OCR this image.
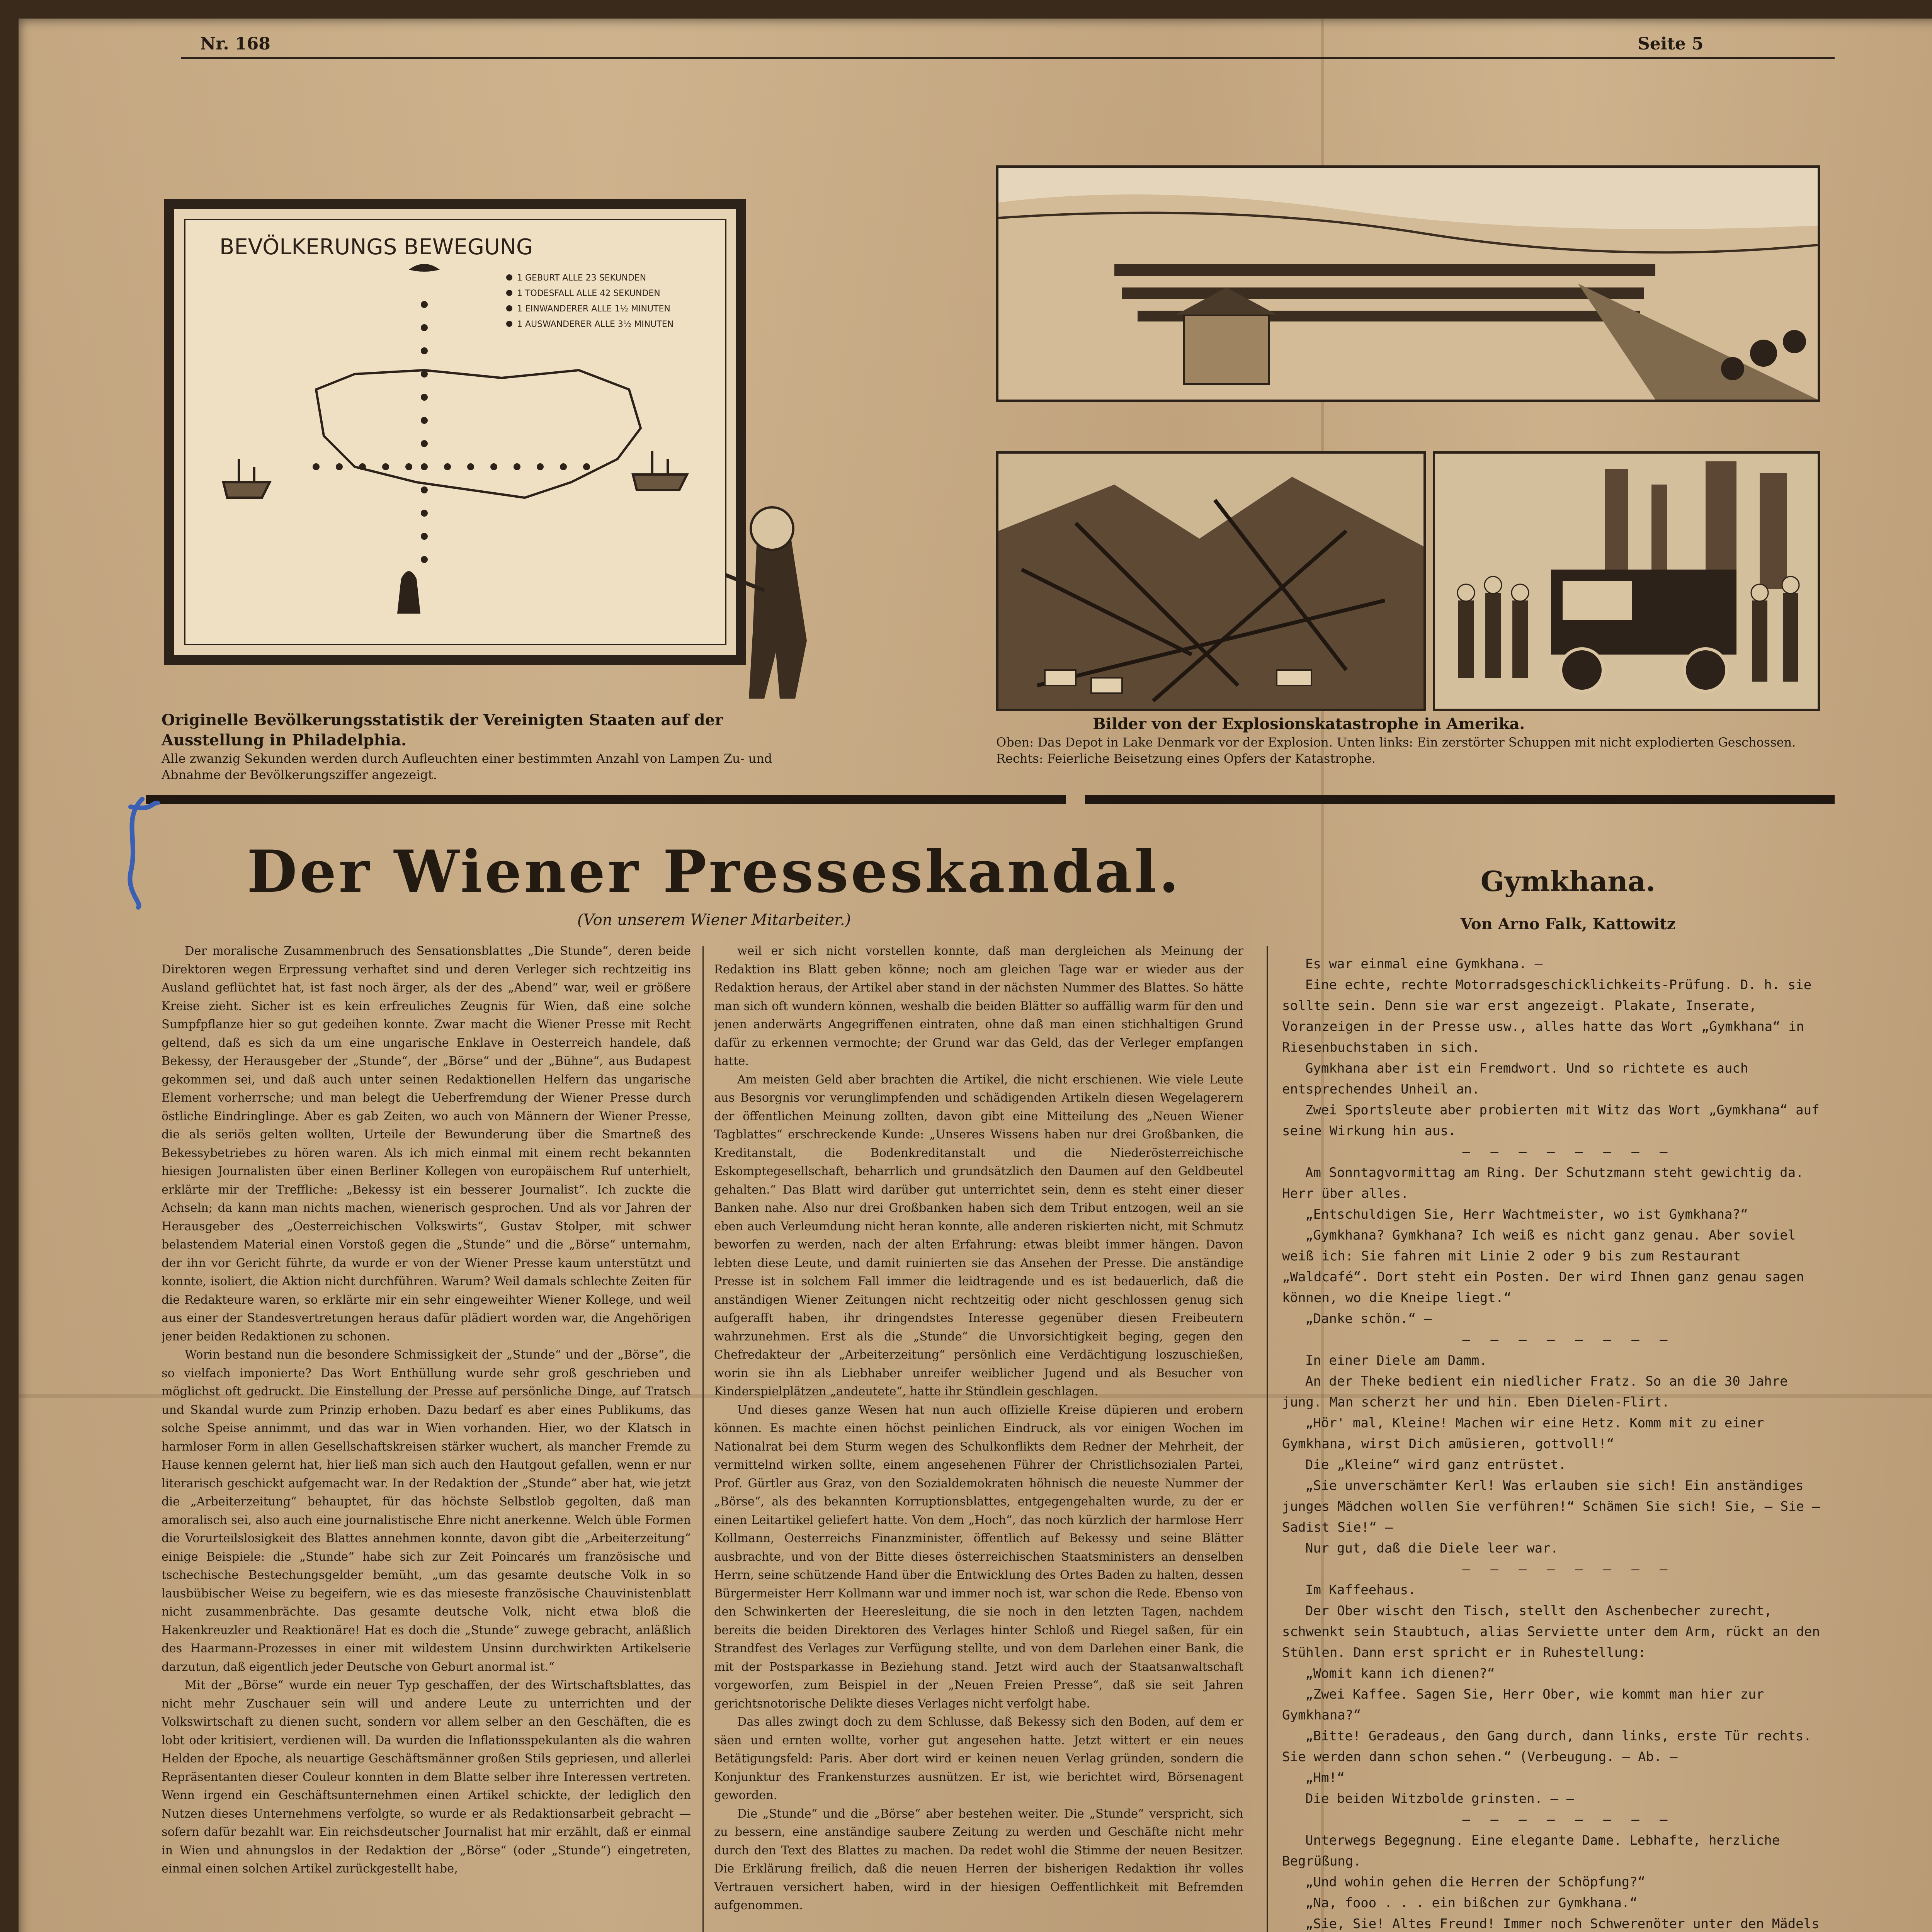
Nr. 168	Seite 5
BEVÖLKERUNGS BEWEGUNG
1 GEBURT ALLE 23 SEKUNDEN
1 TODESFALL ALLE 42 SEKUNDEN
1 EINWANDERER ALLE 1½ MINUTEN
1 AUSWANDERER ALLE 3½ MINUTEN
Originelle Bevölkerungsstatistik der Vereinigten Staaten auf der Ausstellung in Philadelphia.
Alle zwanzig Sekunden werden durch Aufleuchten einer bestimmten Anzahl von Lampen Zu- und Abnahme der Bevölkerungsziffer angezeigt.
Bilder von der Explosionskatastrophe in Amerika.
Oben: Das Depot in Lake Denmark vor der Explosion. Unten links: Ein zerstörter Schuppen mit nicht explodierten Geschossen. Rechts: Feierliche Beisetzung eines Opfers der Katastrophe.
Der Wiener Presseskandal.
(Von unserem Wiener Mitarbeiter.)

Der moralische Zusammenbruch des Sensationsblattes „Die Stunde“, deren beide Direktoren wegen Erpressung verhaftet sind und deren Verleger sich rechtzeitig ins Ausland geflüchtet hat, ist fast noch ärger, als der des „Abend“ war, weil er größere Kreise zieht. Sicher ist es kein erfreuliches Zeugnis für Wien, daß eine solche Sumpfpflanze hier so gut gedeihen konnte. Zwar macht die Wiener Presse mit Recht geltend, daß es sich da um eine ungarische Enklave in Oesterreich handele, daß Bekessy, der Herausgeber der „Stunde“, der „Börse“ und der „Bühne“, aus Budapest gekommen sei, und daß auch unter seinen Redaktionellen Helfern das ungarische Element vorherrsche; und man belegt die Ueberfremdung der Wiener Presse durch östliche Eindringlinge. Aber es gab Zeiten, wo auch von Männern der Wiener Presse, die als seriös gelten wollten, Urteile der Bewunderung über die Smartneß des Bekessybetriebes zu hören waren. Als ich mich einmal mit einem recht bekannten hiesigen Journalisten über einen Berliner Kollegen von europäischem Ruf unterhielt, erklärte mir der Treffliche: „Bekessy ist ein besserer Journalist“. Ich zuckte die Achseln; da kann man nichts machen, wienerisch gesprochen. Und als vor Jahren der Herausgeber des „Oesterreichischen Volkswirts“, Gustav Stolper, mit schwer belastendem Material einen Vorstoß gegen die „Stunde“ und die „Börse“ unternahm, der ihn vor Gericht führte, da wurde er von der Wiener Presse kaum unterstützt und konnte, isoliert, die Aktion nicht durchführen. Warum? Weil damals schlechte Zeiten für die Redakteure waren, so erklärte mir ein sehr eingeweihter Wiener Kollege, und weil aus einer der Standesvertretungen heraus dafür plädiert worden war, die Angehörigen jener beiden Redaktionen zu schonen.

Worin bestand nun die besondere Schmissigkeit der „Stunde“ und der „Börse“, die so vielfach imponierte? Das Wort Enthüllung wurde sehr groß geschrieben und möglichst oft gedruckt. Die Einstellung der Presse auf persönliche Dinge, auf Tratsch und Skandal wurde zum Prinzip erhoben. Dazu bedarf es aber eines Publikums, das solche Speise annimmt, und das war in Wien vorhanden. Hier, wo der Klatsch in harmloser Form in allen Gesellschaftskreisen stärker wuchert, als mancher Fremde zu Hause kennen gelernt hat, hier ließ man sich auch den Hautgout gefallen, wenn er nur literarisch geschickt aufgemacht war. In der Redaktion der „Stunde“ aber hat, wie jetzt die „Arbeiterzeitung“ behauptet, für das höchste Selbstlob gegolten, daß man amoralisch sei, also auch eine journalistische Ehre nicht anerkenne. Welch üble Formen die Vorurteilslosigkeit des Blattes annehmen konnte, davon gibt die „Arbeiterzeitung“ einige Beispiele: die „Stunde“ habe sich zur Zeit Poincarés um französische und tschechische Bestechungsgelder bemüht, „um das gesamte deutsche Volk in so lausbübischer Weise zu begeifern, wie es das mieseste französische Chauvinistenblatt nicht zusammenbrächte. Das gesamte deutsche Volk, nicht etwa bloß die Hakenkreuzler und Reaktionäre! Hat es doch die „Stunde“ zuwege gebracht, anläßlich des Haarmann-Prozesses in einer mit wildestem Unsinn durchwirkten Artikelserie darzutun, daß eigentlich jeder Deutsche von Geburt anormal ist.“

Mit der „Börse“ wurde ein neuer Typ geschaffen, der des Wirtschaftsblattes, das nicht mehr Zuschauer sein will und andere Leute zu unterrichten und der Volkswirtschaft zu dienen sucht, sondern vor allem selber an den Geschäften, die es lobt oder kritisiert, verdienen will. Da wurden die Inflationsspekulanten als die wahren Helden der Epoche, als neuartige Geschäftsmänner großen Stils gepriesen, und allerlei Repräsentanten dieser Couleur konnten in dem Blatte selber ihre Interessen vertreten. Wenn irgend ein Geschäftsunternehmen einen Artikel schickte, der lediglich den Nutzen dieses Unternehmens verfolgte, so wurde er als Redaktionsarbeit gebracht — sofern dafür bezahlt war. Ein reichsdeutscher Journalist hat mir erzählt, daß er einmal in Wien und ahnungslos in der Redaktion der „Börse“ (oder „Stunde“) eingetreten, einmal einen solchen Artikel zurückgestellt habe,

weil er sich nicht vorstellen konnte, daß man dergleichen als Meinung der Redaktion ins Blatt geben könne; noch am gleichen Tage war er wieder aus der Redaktion heraus, der Artikel aber stand in der nächsten Nummer des Blattes. So hätte man sich oft wundern können, weshalb die beiden Blätter so auffällig warm für den und jenen anderwärts Angegriffenen eintraten, ohne daß man einen stichhaltigen Grund dafür zu erkennen vermochte; der Grund war das Geld, das der Verleger empfangen hatte.

Am meisten Geld aber brachten die Artikel, die nicht erschienen. Wie viele Leute aus Besorgnis vor verunglimpfenden und schädigenden Artikeln diesen Wegelagerern der öffentlichen Meinung zollten, davon gibt eine Mitteilung des „Neuen Wiener Tagblattes“ erschreckende Kunde: „Unseres Wissens haben nur drei Großbanken, die Kreditanstalt, die Bodenkreditanstalt und die Niederösterreichische Eskomptegesellschaft, beharrlich und grundsätzlich den Daumen auf den Geldbeutel gehalten.“ Das Blatt wird darüber gut unterrichtet sein, denn es steht einer dieser Banken nahe. Also nur drei Großbanken haben sich dem Tribut entzogen, weil an sie eben auch Verleumdung nicht heran konnte, alle anderen riskierten nicht, mit Schmutz beworfen zu werden, nach der alten Erfahrung: etwas bleibt immer hängen. Davon lebten diese Leute, und damit ruinierten sie das Ansehen der Presse. Die anständige Presse ist in solchem Fall immer die leidtragende und es ist bedauerlich, daß die anständigen Wiener Zeitungen nicht rechtzeitig oder nicht geschlossen genug sich aufgerafft haben, ihr dringendstes Interesse gegenüber diesen Freibeutern wahrzunehmen. Erst als die „Stunde“ die Unvorsichtigkeit beging, gegen den Chefredakteur der „Arbeiterzeitung“ persönlich eine Verdächtigung loszuschießen, worin sie ihn als Liebhaber unreifer weiblicher Jugend und als Besucher von Kinderspielplätzen „andeutete“, hatte ihr Stündlein geschlagen.

Und dieses ganze Wesen hat nun auch offizielle Kreise düpieren und erobern können. Es machte einen höchst peinlichen Eindruck, als vor einigen Wochen im Nationalrat bei dem Sturm wegen des Schulkonflikts dem Redner der Mehrheit, der vermittelnd wirken sollte, einem angesehenen Führer der Christlichsozialen Partei, Prof. Gürtler aus Graz, von den Sozialdemokraten höhnisch die neueste Nummer der „Börse“, als des bekannten Korruptionsblattes, entgegengehalten wurde, zu der er einen Leitartikel geliefert hatte. Von dem „Hoch“, das noch kürzlich der harmlose Herr Kollmann, Oesterreichs Finanzminister, öffentlich auf Bekessy und seine Blätter ausbrachte, und von der Bitte dieses österreichischen Staatsministers an denselben Herrn, seine schützende Hand über die Entwicklung des Ortes Baden zu halten, dessen Bürgermeister Herr Kollmann war und immer noch ist, war schon die Rede. Ebenso von den Schwinkerten der Heeresleitung, die sie noch in den letzten Tagen, nachdem bereits die beiden Direktoren des Verlages hinter Schloß und Riegel saßen, für ein Strandfest des Verlages zur Verfügung stellte, und von dem Darlehen einer Bank, die mit der Postsparkasse in Beziehung stand. Jetzt wird auch der Staatsanwaltschaft vorgeworfen, zum Beispiel in der „Neuen Freien Presse“, daß sie seit Jahren gerichtsnotorische Delikte dieses Verlages nicht verfolgt habe.

Das alles zwingt doch zu dem Schlusse, daß Bekessy sich den Boden, auf dem er säen und ernten wollte, vorher gut angesehen hatte. Jetzt wittert er ein neues Betätigungsfeld: Paris. Aber dort wird er keinen neuen Verlag gründen, sondern die Konjunktur des Frankensturzes ausnützen. Er ist, wie berichtet wird, Börsenagent geworden.

Die „Stunde“ und die „Börse“ aber bestehen weiter. Die „Stunde“ verspricht, sich zu bessern, eine anständige saubere Zeitung zu werden und Geschäfte nicht mehr durch den Text des Blattes zu machen. Da redet wohl die Stimme der neuen Besitzer. Die Erklärung freilich, daß die neuen Herren der bisherigen Redaktion ihr volles Vertrauen versichert haben, wird in der hiesigen Oeffentlichkeit mit Befremden aufgenommen.

Gymkhana.
Von Arno Falk, Kattowitz

Es war einmal eine Gymkhana. —

Eine echte, rechte Motorradsgeschicklichkeits-Prüfung. D. h. sie sollte sein. Denn sie war erst angezeigt. Plakate, Inserate, Voranzeigen in der Presse usw., alles hatte das Wort „Gymkhana“ in Riesenbuchstaben in sich.

Gymkhana aber ist ein Fremdwort. Und so richtete es auch entsprechendes Unheil an.

Zwei Sportsleute aber probierten mit Witz das Wort „Gymkhana“ auf seine Wirkung hin aus.

— — — — — — — —

Am Sonntagvormittag am Ring. Der Schutzmann steht gewichtig da. Herr über alles.

„Entschuldigen Sie, Herr Wachtmeister, wo ist Gymkhana?“

„Gymkhana? Gymkhana? Ich weiß es nicht ganz genau. Aber soviel weiß ich: Sie fahren mit Linie 2 oder 9 bis zum Restaurant „Waldcafé“. Dort steht ein Posten. Der wird Ihnen ganz genau sagen können, wo die Kneipe liegt.“

„Danke schön.“ —

— — — — — — — —

In einer Diele am Damm.

An der Theke bedient ein niedlicher Fratz. So an die 30 Jahre jung. Man scherzt her und hin. Eben Dielen-Flirt.

„Hör' mal, Kleine! Machen wir eine Hetz. Komm mit zu einer Gymkhana, wirst Dich amüsieren, gottvoll!“

Die „Kleine“ wird ganz entrüstet.

„Sie unverschämter Kerl! Was erlauben sie sich! Ein anständiges junges Mädchen wollen Sie verführen!“ Schämen Sie sich! Sie, — Sie — Sadist Sie!“ —

Nur gut, daß die Diele leer war.

— — — — — — — —

Im Kaffeehaus.

Der Ober wischt den Tisch, stellt den Aschenbecher zurecht, schwenkt sein Staubtuch, alias Serviette unter dem Arm, rückt an den Stühlen. Dann erst spricht er in Ruhestellung:

„Womit kann ich dienen?“

„Zwei Kaffee. Sagen Sie, Herr Ober, wie kommt man hier zur Gymkhana?“

„Bitte! Geradeaus, den Gang durch, dann links, erste Tür rechts. Sie werden dann schon sehen.“ (Verbeugung. — Ab. —

„Hm!“

Die beiden Witzbolde grinsten. — —

— — — — — — — —

Unterwegs Begegnung. Eine elegante Dame. Lebhafte, herzliche Begrüßung.

„Und wohin gehen die Herren der Schöpfung?“

„Na, fooo . . . ein bißchen zur Gymkhana.“

„Sie, Sie! Altes Freund! Immer noch Schwerenöter unter den Mädels
